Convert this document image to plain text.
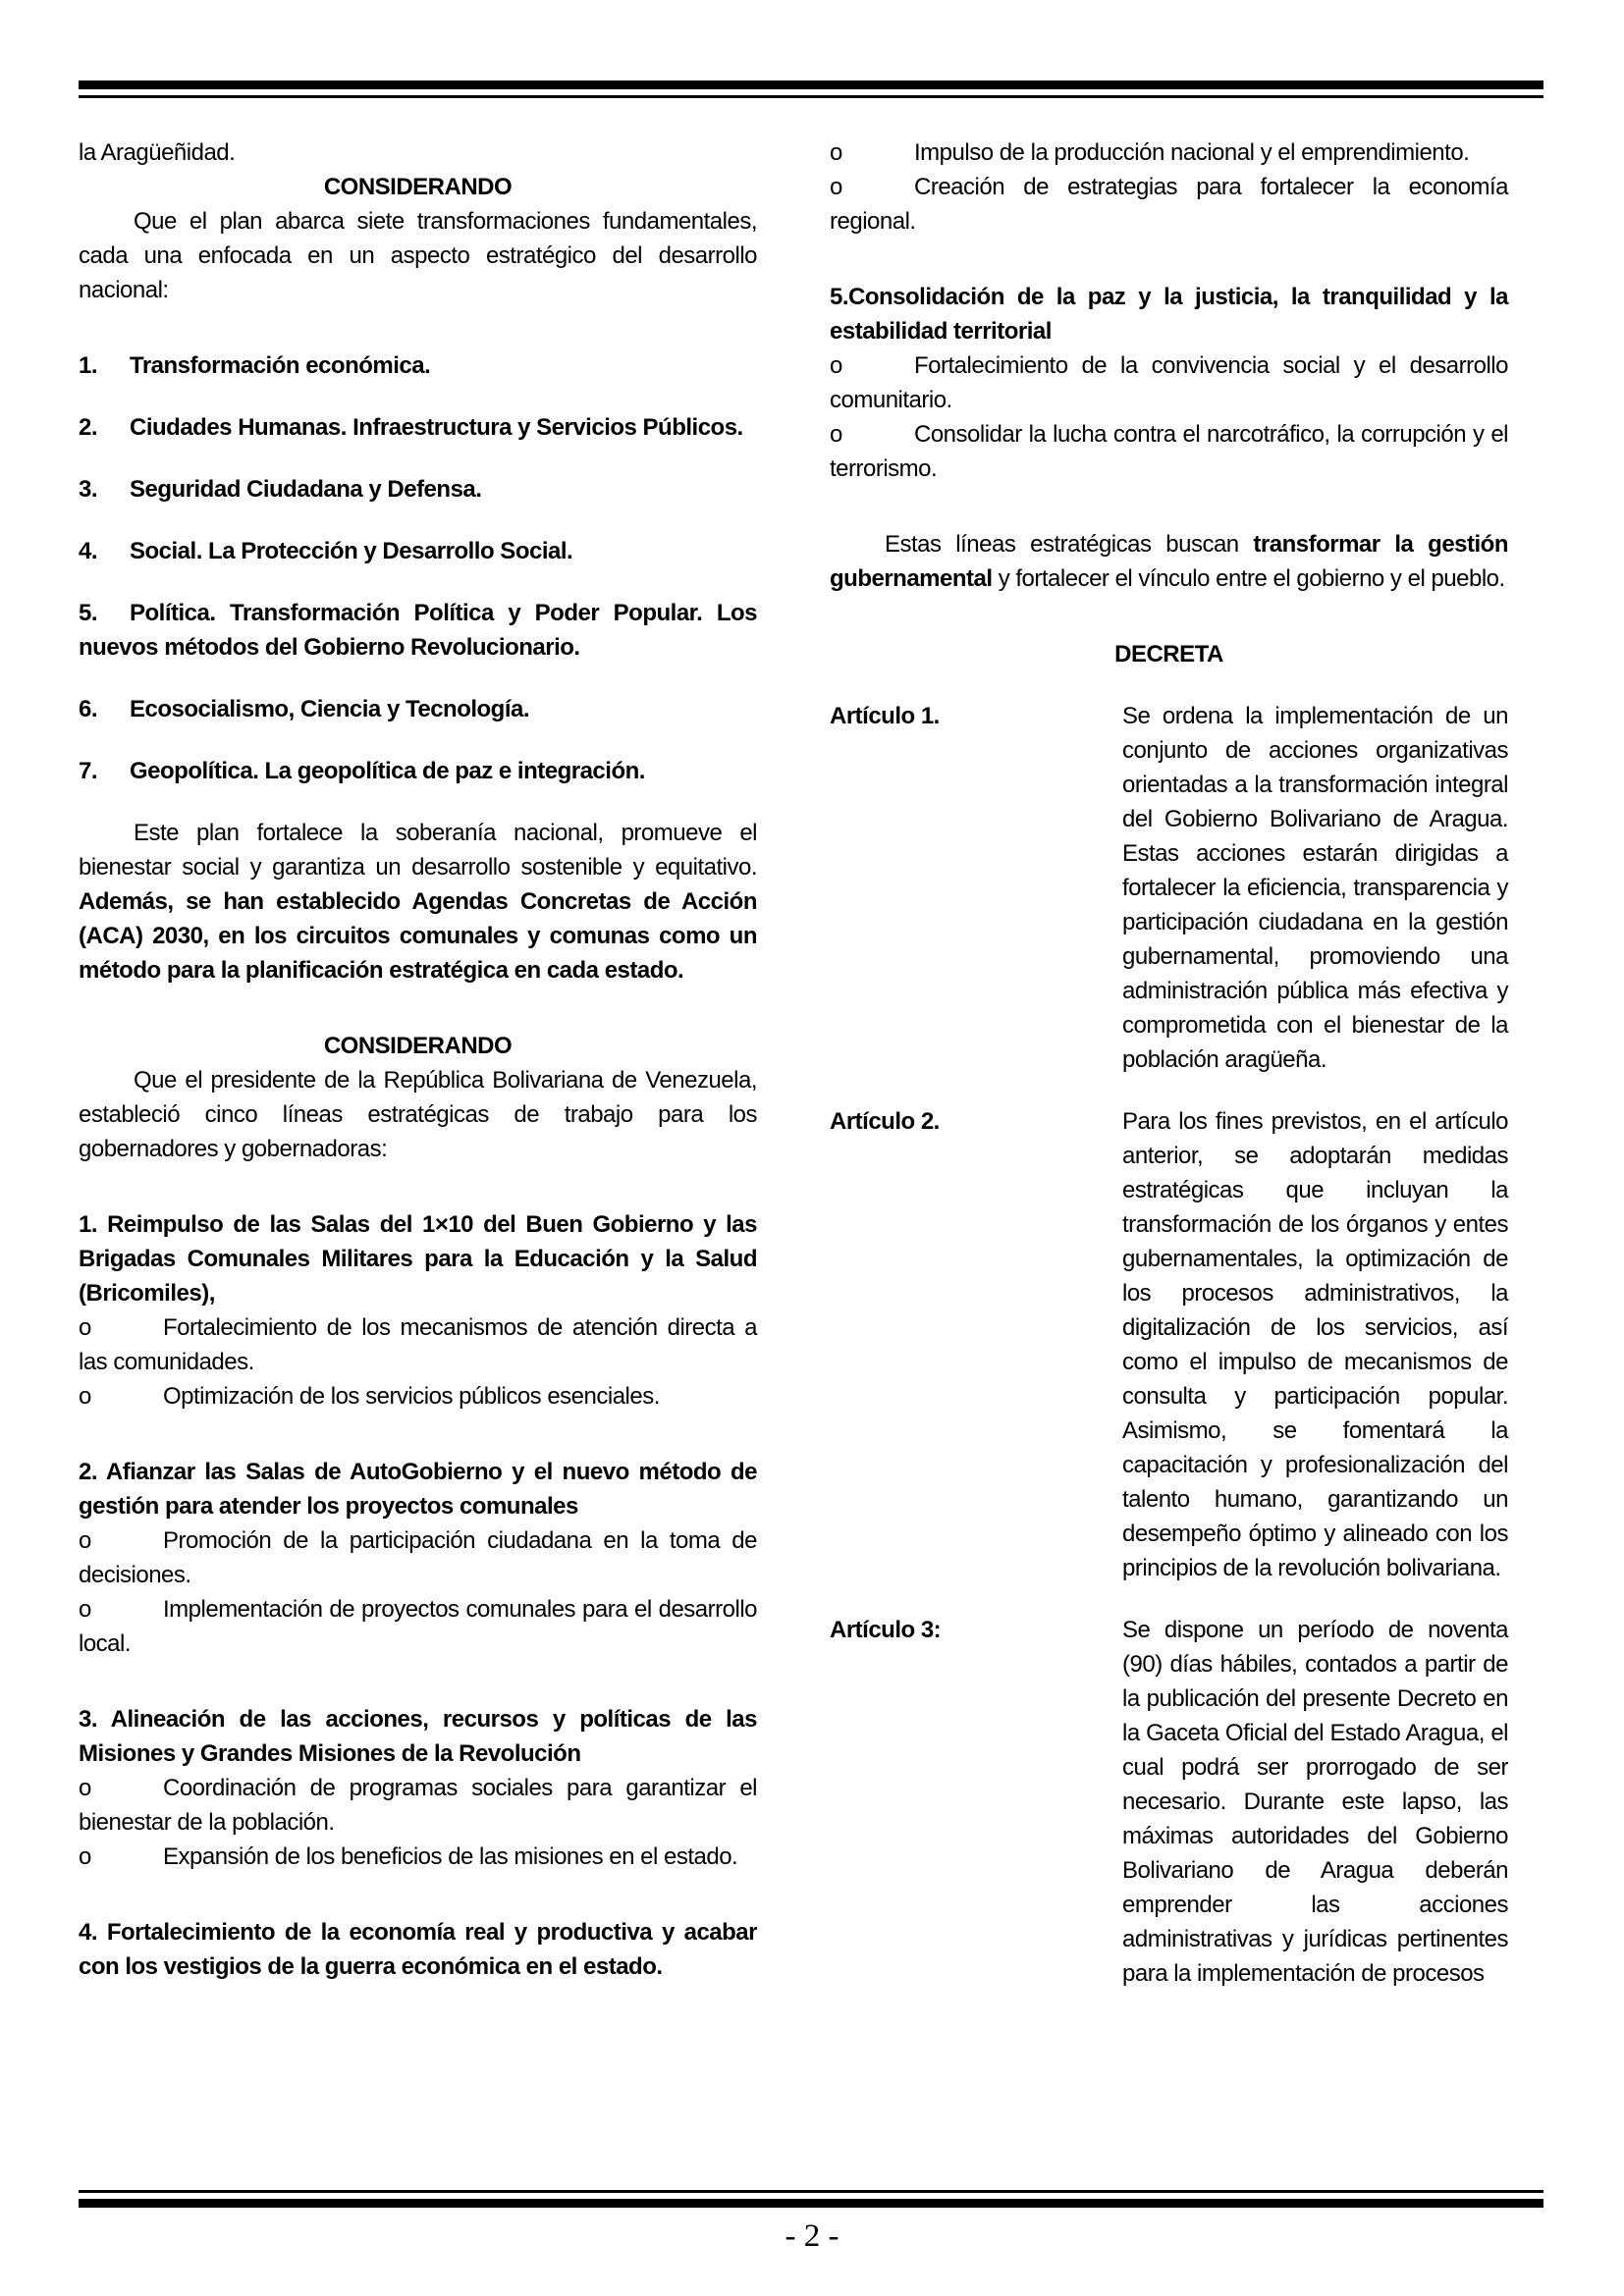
la Aragüeñidad.

CONSIDERANDO

Que el plan abarca siete transformaciones fundamentales, cada una enfocada en un aspecto estratégico del desarrollo nacional:

1. Transformación económica.

2. Ciudades Humanas. Infraestructura y Servicios Públicos.

3. Seguridad Ciudadana y Defensa.

4. Social. La Protección y Desarrollo Social.

5. Política. Transformación Política y Poder Popular. Los nuevos métodos del Gobierno Revolucionario.

6. Ecosocialismo, Ciencia y Tecnología.

7. Geopolítica. La geopolítica de paz e integración.

Este plan fortalece la soberanía nacional, promueve el bienestar social y garantiza un desarrollo sostenible y equitativo. Además, se han establecido Agendas Concretas de Acción (ACA) 2030, en los circuitos comunales y comunas como un método para la planificación estratégica en cada estado.

CONSIDERANDO

Que el presidente de la República Bolivariana de Venezuela, estableció cinco líneas estratégicas de trabajo para los gobernadores y gobernadoras:

1. Reimpulso de las Salas del 1×10 del Buen Gobierno y las Brigadas Comunales Militares para la Educación y la Salud (Bricomiles),

o	Fortalecimiento de los mecanismos de atención directa a las comunidades.

o	Optimización de los servicios públicos esenciales.

2. Afianzar las Salas de AutoGobierno y el nuevo método de gestión para atender los proyectos comunales

o	Promoción de la participación ciudadana en la toma de decisiones.

o	Implementación de proyectos comunales para el desarrollo local.

3. Alineación de las acciones, recursos y políticas de las Misiones y Grandes Misiones de la Revolución

o	Coordinación de programas sociales para garantizar el bienestar de la población.

o	Expansión de los beneficios de las misiones en el estado.

4. Fortalecimiento de la economía real y productiva y acabar con los vestigios de la guerra económica en el estado.

o	Impulso de la producción nacional y el emprendimiento.

o	Creación de estrategias para fortalecer la economía regional.

5.Consolidación de la paz y la justicia, la tranquilidad y la estabilidad territorial

o	Fortalecimiento de la convivencia social y el desarrollo comunitario.

o	Consolidar la lucha contra el narcotráfico, la corrupción y el terrorismo.

Estas líneas estratégicas buscan transformar la gestión gubernamental y fortalecer el vínculo entre el gobierno y el pueblo.

DECRETA

Artículo 1.	Se ordena la implementación de un conjunto de acciones organizativas orientadas a la transformación integral del Gobierno Bolivariano de Aragua. Estas acciones estarán dirigidas a fortalecer la eficiencia, transparencia y participación ciudadana en la gestión gubernamental, promoviendo una administración pública más efectiva y comprometida con el bienestar de la población aragüeña.
Artículo 2.	Para los fines previstos, en el artículo anterior, se adoptarán medidas estratégicas que incluyan la transformación de los órganos y entes gubernamentales, la optimización de los procesos administrativos, la digitalización de los servicios, así como el impulso de mecanismos de consulta y participación popular. Asimismo, se fomentará la capacitación y profesionalización del talento humano, garantizando un desempeño óptimo y alineado con los principios de la revolución bolivariana.
Artículo 3:	Se dispone un período de noventa (90) días hábiles, contados a partir de la publicación del presente Decreto en la Gaceta Oficial del Estado Aragua, el cual podrá ser prorrogado de ser necesario. Durante este lapso, las máximas autoridades del Gobierno Bolivariano de Aragua deberán emprender las acciones administrativas y jurídicas pertinentes para la implementación de procesos
- 2 -
